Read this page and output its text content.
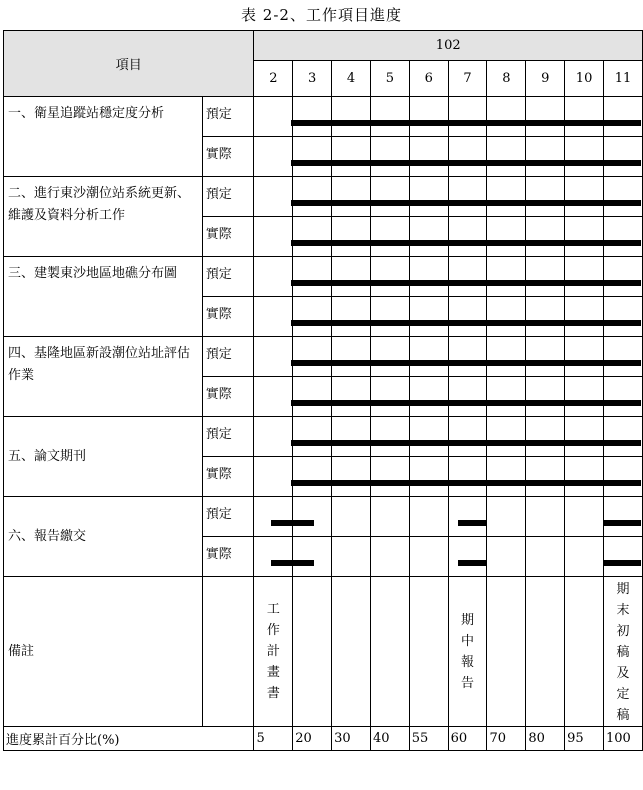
表 2-2、工作項目進度
項目		102									
		2	3	4	5	6	7	8	9	10	11
一、衛星追蹤站穩定度分析	預定										
	實際										
二、進行東沙潮位站系統更新、維護及資料分析工作	預定										
	實際										
三、建製東沙地區地礁分布圖	預定										
	實際										
四、基隆地區新設潮位站址評估作業	預定										
	實際										
五、論文期刊	預定										
	實際										
六、報告繳交	預定										
	實際										
備註		工作計畫書					期中報告				期末初稿及定稿
進度累計百分比(%)		5	20	30	40	55	60	70	80	95	100
